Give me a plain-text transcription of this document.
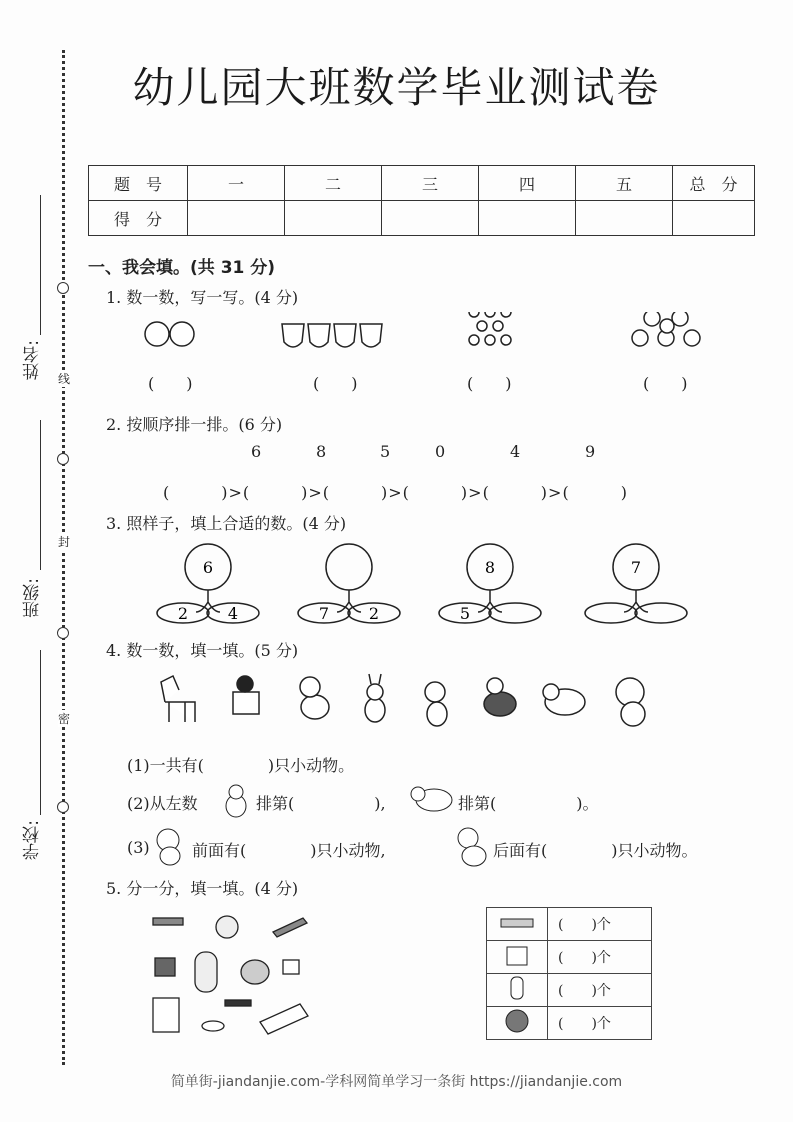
幼儿园大班数学毕业测试卷
姓名:
班级:
学校:
线
封
密
题　号	一	二	三	四	五	总　分
得　分						
一、我会填。(共 31 分)
1. 数一数，写一写。(4 分)
(　　)	(　　)	(　　)	(　　)
2. 按顺序排一排。(6 分)
6	8	5	0	4	9
(　　　)>(　　　)>(　　　)>(　　　)>(　　　)>(　　　)
3. 照样子，填上合适的数。(4 分)
6
2 4	7 2
8
5
7
4. 数一数，填一填。(5 分)
(1)一共有(　　　　)只小动物。
(2)从左数	排第(　　　　　),	排第(　　　　　)。
(3)	前面有(　　　　)只小动物,	后面有(　　　　)只小动物。
5. 分一分，填一填。(4 分)
	(　　)个
	(　　)个
	(　　)个
	(　　)个
简单街-jiandanjie.com-学科网简单学习一条街 https://jiandanjie.com
